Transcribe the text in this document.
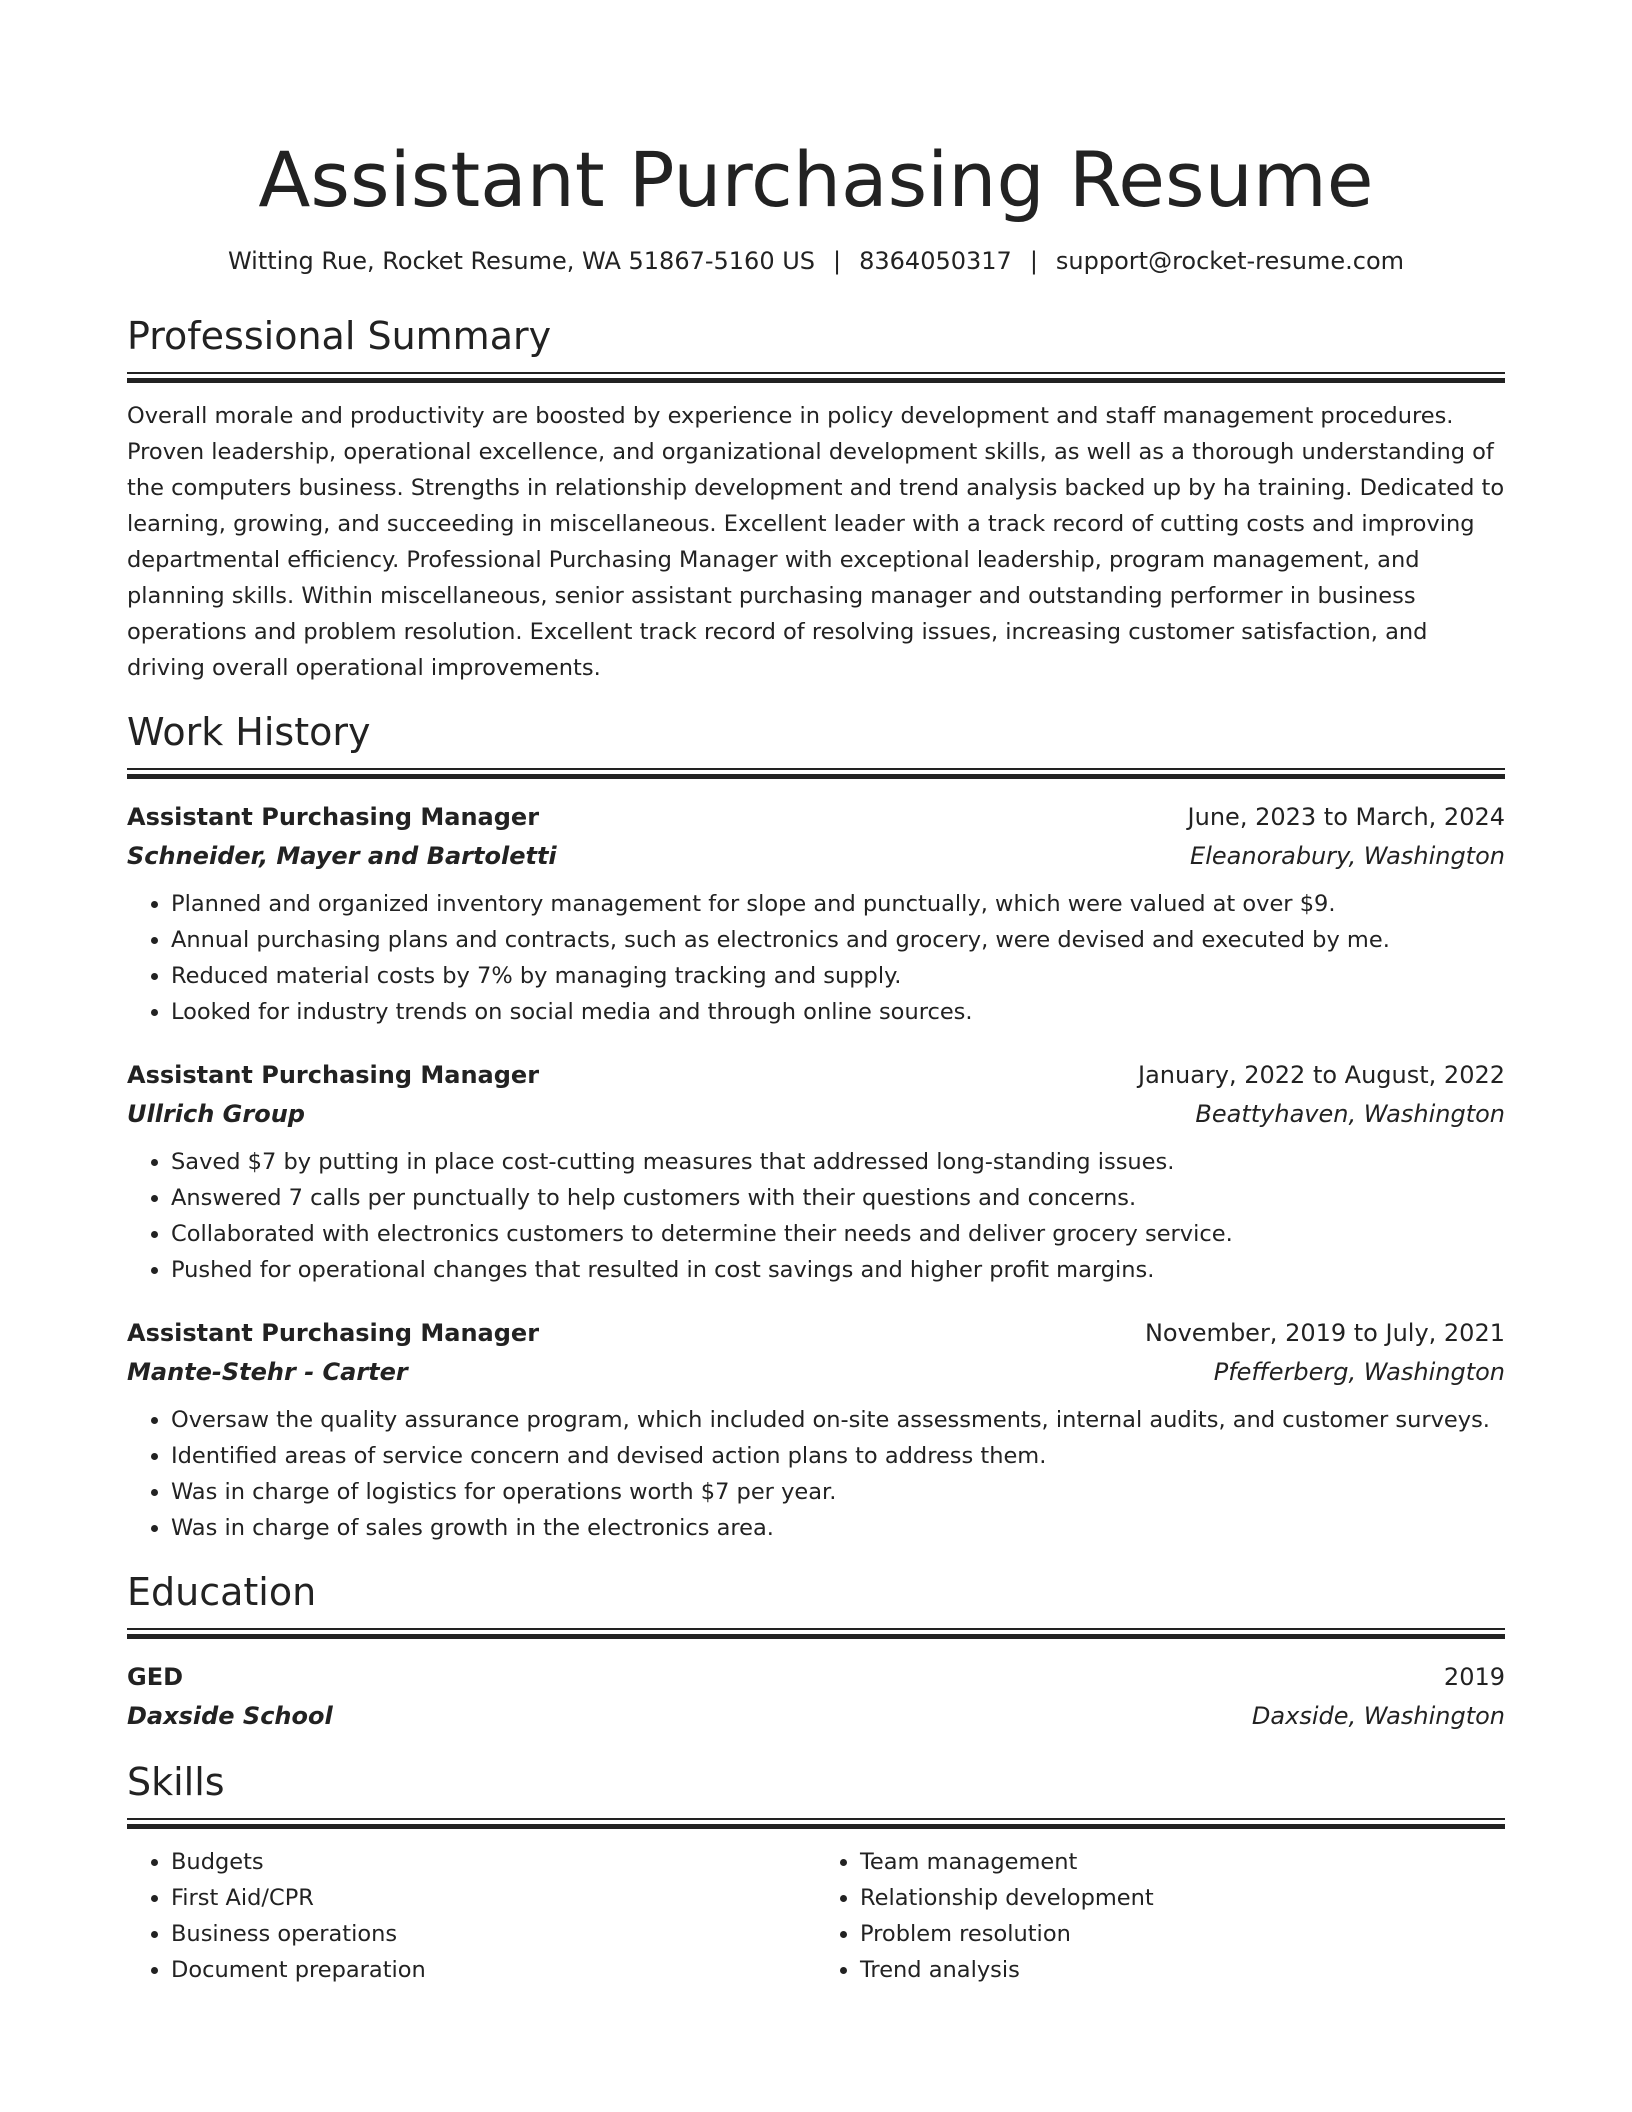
Assistant Purchasing Resume
Witting Rue, Rocket Resume, WA 51867-5160 US | 8364050317 | support@rocket-resume.com
Professional Summary
Overall morale and productivity are boosted by experience in policy development and staff management procedures. Proven leadership, operational excellence, and organizational development skills, as well as a thorough understanding of the computers business. Strengths in relationship development and trend analysis backed up by ha training. Dedicated to learning, growing, and succeeding in miscellaneous. Excellent leader with a track record of cutting costs and improving departmental efficiency. Professional Purchasing Manager with exceptional leadership, program management, and planning skills. Within miscellaneous, senior assistant purchasing manager and outstanding performer in business operations and problem resolution. Excellent track record of resolving issues, increasing customer satisfaction, and driving overall operational improvements.
Work History
Assistant Purchasing Manager	June, 2023 to March, 2024
Schneider, Mayer and Bartoletti	Eleanorabury, Washington
• Planned and organized inventory management for slope and punctually, which were valued at over $9.
• Annual purchasing plans and contracts, such as electronics and grocery, were devised and executed by me.
• Reduced material costs by 7% by managing tracking and supply.
• Looked for industry trends on social media and through online sources.
Assistant Purchasing Manager	January, 2022 to August, 2022
Ullrich Group	Beattyhaven, Washington
• Saved $7 by putting in place cost-cutting measures that addressed long-standing issues.
• Answered 7 calls per punctually to help customers with their questions and concerns.
• Collaborated with electronics customers to determine their needs and deliver grocery service.
• Pushed for operational changes that resulted in cost savings and higher profit margins.
Assistant Purchasing Manager	November, 2019 to July, 2021
Mante-Stehr - Carter	Pfefferberg, Washington
• Oversaw the quality assurance program, which included on-site assessments, internal audits, and customer surveys.
• Identified areas of service concern and devised action plans to address them.
• Was in charge of logistics for operations worth $7 per year.
• Was in charge of sales growth in the electronics area.
Education
GED	2019
Daxside School	Daxside, Washington
Skills
• Budgets
• First Aid/CPR
• Business operations
• Document preparation
• Team management
• Relationship development
• Problem resolution
• Trend analysis
